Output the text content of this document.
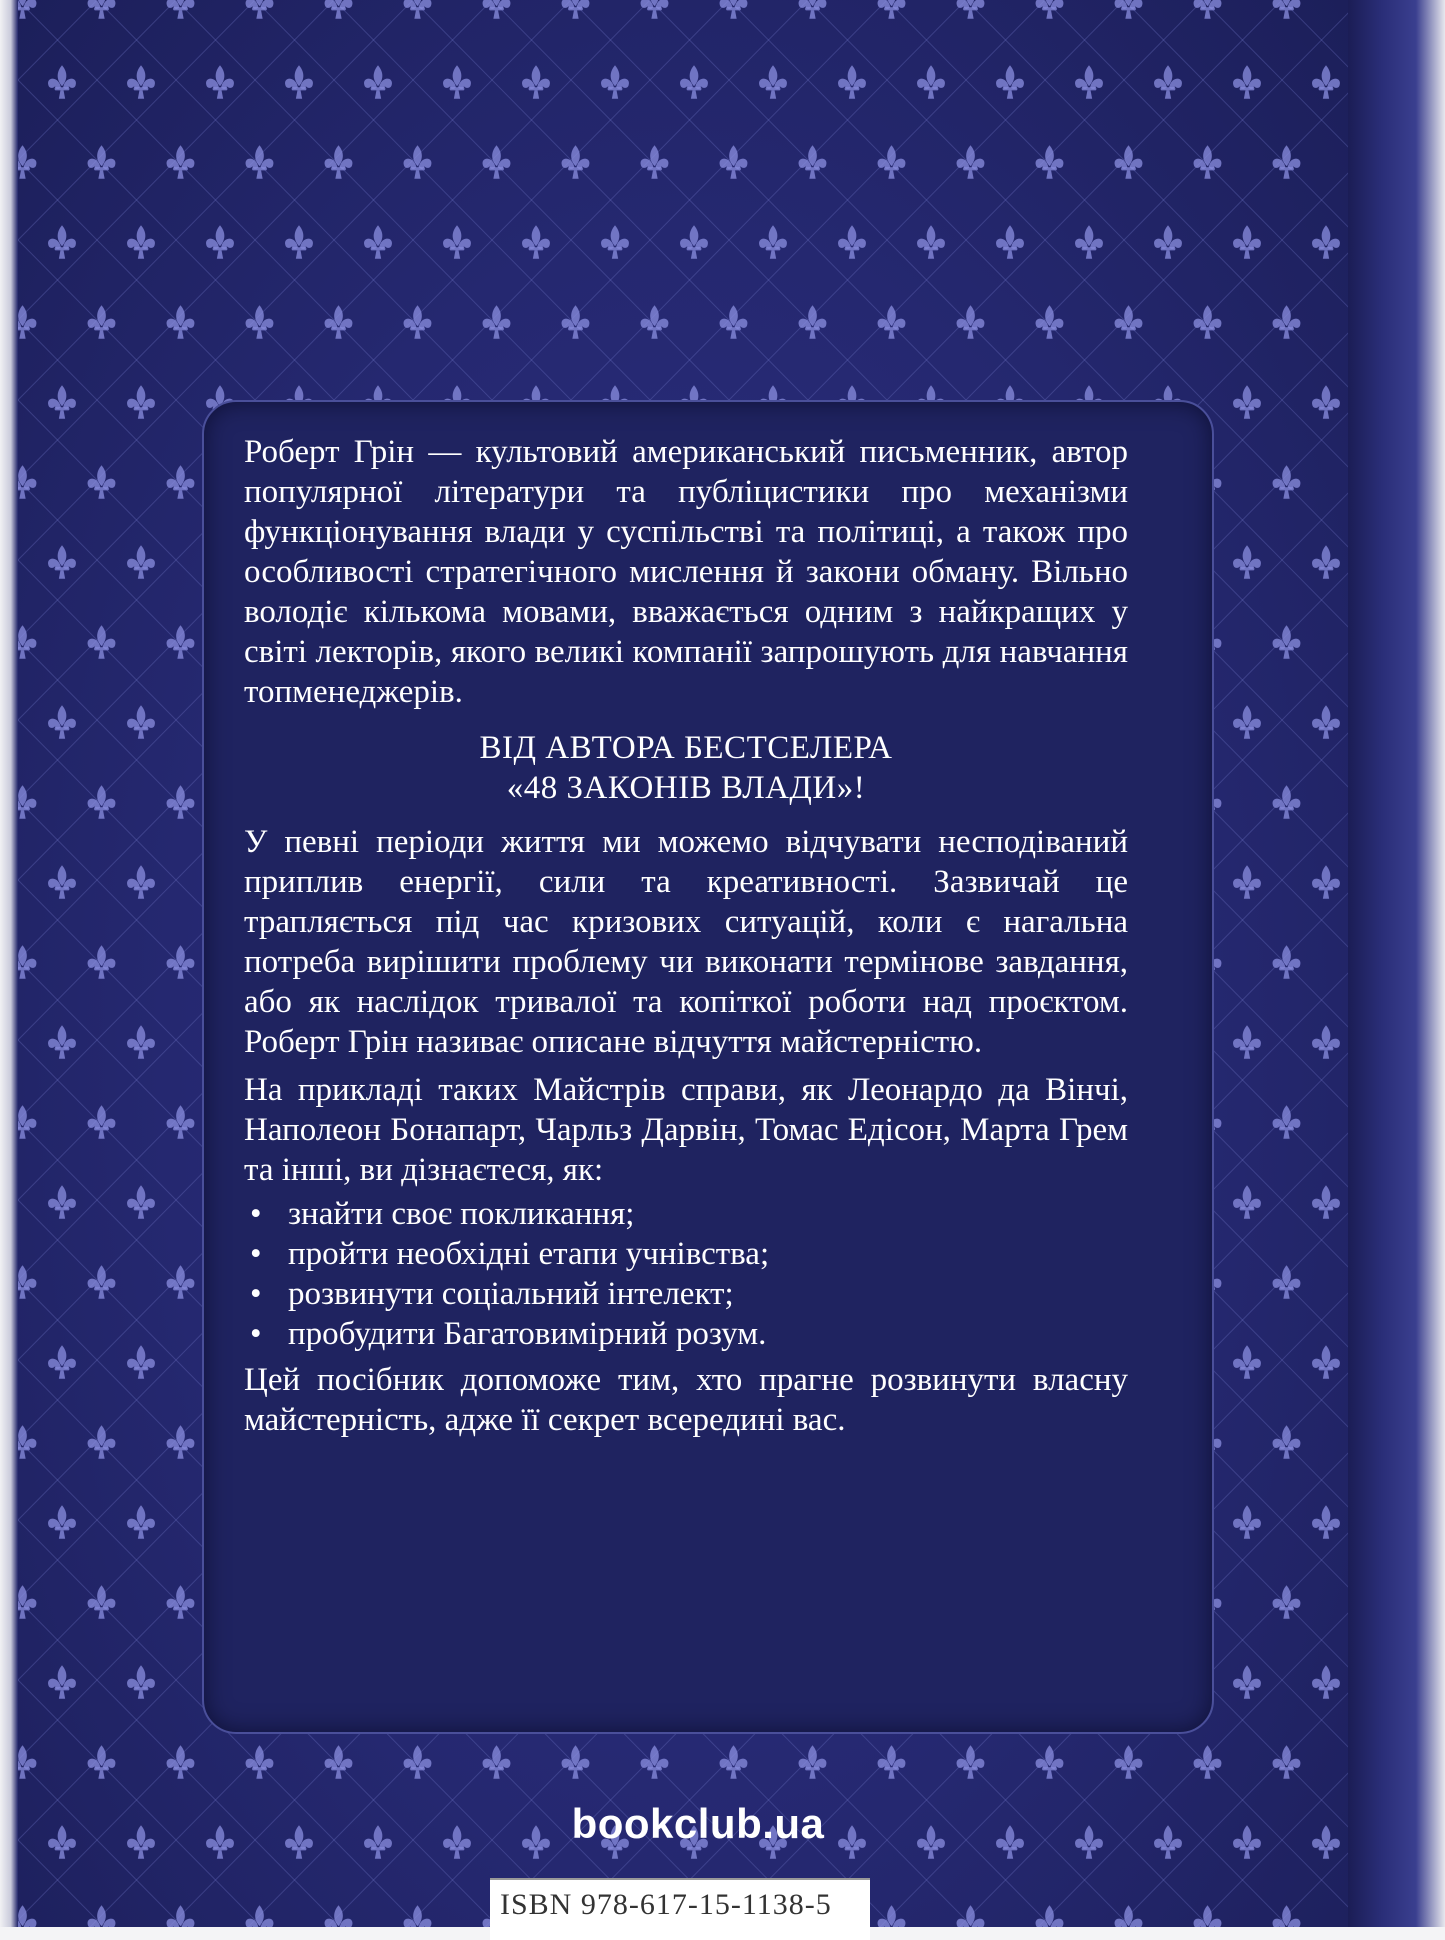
Роберт Грін — культовий американський письменник, автор популярної літератури та публіцистики про механізми функціонування влади у суспільстві та політиці, а також про особливості стратегічного мислення й закони обману. Вільно володіє кількома мовами, вважається одним з найкращих у світі лекторів, якого великі компанії запрошують для навчання топменеджерів.

ВІД АВТОРА БЕСТСЕЛЕРА
«48 ЗАКОНІВ ВЛАДИ»!

У певні періоди життя ми можемо відчувати несподіваний приплив енергії, сили та креативності. Зазвичай це трапляється під час кризових ситуацій, коли є нагальна потреба вирішити проблему чи виконати термінове завдання, або як наслідок тривалої та копіткої роботи над проєктом. Роберт Грін називає описане відчуття майстерністю.

На прикладі таких Майстрів справи, як Леонардо да Вінчі, Наполеон Бонапарт, Чарльз Дарвін, Томас Едісон, Марта Грем та інші, ви дізнаєтеся, як:

• знайти своє покликання;
• пройти необхідні етапи учнівства;
• розвинути соціальний інтелект;
• пробудити Багатовимірний розум.

Цей посібник допоможе тим, хто прагне розвинути власну майстерність, адже її секрет всередині вас.

bookclub.ua
ISBN 978-617-15-1138-5
